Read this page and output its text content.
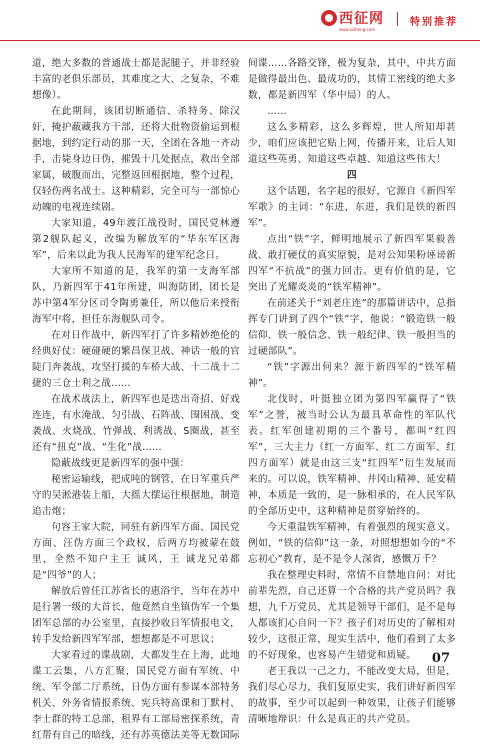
西征网
www.xizheng.com
特别推荐

道，绝大多数的普通战士都是泥腿子，并非经验丰富的老俱乐部员，其难度之大、之复杂，不难想像）。

在此期间，该团切断通信、杀特务、除汉奸，掩护蔽藏我方干部，还将大批物资偷运到根据地，到约定行动的那一天，全团在各地一齐动手，击毙身边日伪，摧毁十几处据点，救出全部家属，破腹而出，完整返回根据地，整个过程，仅轻伤两名战士。这种精彩，完全可与一部惊心动魄的电视连续剧。

大家知道，49年渡江战役时，国民党林遵第2舰队起义，改编为解放军的“华东军区海军”，后来以此为我人民海军的建军纪念日。

大家所不知道的是，我军的第一支海军部队，乃新四军于41年所建，叫海防团，团长是苏中第4军分区司令陶勇兼任，所以他后来授衔海军中将，担任东海舰队司令。

在对日作战中，新四军打了许多精妙绝伦的经典好仗：硬碰硬的繁昌保卫战、神话一般的官陡门奔袭战，攻坚打援的车桥大战、十二战十二捷的三仓土利之战……

在战术战法上，新四军也是迭出奇招、好戏连连，有水淹战、匀引战、石阵战、围困战、变袭战、火烧战、竹弹战、利诱战、S圈战，甚至还有“扭克”战、“生化”战……

隐蔽战线更是新四军的强中强：

秘密运输线，把成吨的钢管，在日军重兵严守的吴淞港装上船，大摇大摆运往根据地，制造追击炮；

句容王家大院，同驻有新四军方面、国民党方面、汪伪方面三个政权，后两方均被蒙在鼓里，全然不知户主王 诚风，王 诚龙兄弟都是“四爷”的人；

解放后曾任江苏省长的惠浴宇，当年在苏中是行署一级的大首长，他竟然自坐镇伪军一个集团军总部的办公室里，直接抄收日军情报电文，转手发给新四军军部，想想都是不可思议；

大家看过的谍战剧，大都发生在上海，此地谍工云集，八方汇聚，国民党方面有军统、中统、军令部二厅系统，日伪方面有参谋本部特务机关、外务省情报系统、宪兵特高课和丁默村、李士群的特工总部，租界有工部局密探系统，青红帮有自己的暗线，还有苏英德法美等无数国际

间谍……各路交锋，极为复杂，其中，中共方面是做得最出色、最成功的，其情工密线的绝大多数，都是新四军（华中局）的人。

……

这么多精彩，这么多辉煌，世人所知却甚少，咱们应该把它贴上网，传播开来，让后人知道这些英勇、知道这些卓越、知道这些伟大！

四

这个话题，名字起的很好，它源自《新四军军歌》的主词：“东进，东进，我们是铁的新四军”。

点出“铁”字，鲜明地展示了新四军果毅善战、敢打硬仗的真实原貌，是对公知果粉诬谤新四军“不抗战”的强力回击。更有价值的是，它突出了光耀炎炎的“铁军精神”。

在前述关于“刘老庄连”的那篇讲话中，总指挥专门讲到了四个“铁”字，他说：“锻造铁一般信仰、铁一般信念、铁一般纪律、铁一般担当的过硬部队”。

“铁”字源出何来？源于新四军的“铁军精神”。

北伐时，叶挺独立团为第四军赢得了“铁军”之誉，被当时公认为最具革命性的军队代表。红军创建初期的三个番号，都叫“红四军”，三大主力（红一方面军、红二方面军、红四方面军）就是由这三支“红四军”衍生发展而来的。可以说，铁军精神、井冈山精神、延安精神，本质是一致的，是一脉相承的，在人民军队的全部历史中，这种精神是贯穿始终的。

今天重温铁军精神，有着强烈的现实意义。例如，“铁的信仰”这一条，对照想想如今的“不忘初心”教育，是不是令人深省，感慨万千？

我在整理史料时，常情不自禁地自问：对比前辈先烈，自己还算一个合格的共产党员吗？我想，九千万党员，尤其是领导干部们，是不是每人都该扪心自问一下？孩子们对历史的了解相对较少，这很正常，现实生活中，他们看到了太多的不好现象，也容易产生错觉和质疑。

老王我以一己之力，不能改变大局，但是，我们尽心尽力，我们复原史实，我们讲好新四军的故事，至少可以起到一种效果，让孩子们能够清晰地辩识：什么是真正的共产党员。

07
